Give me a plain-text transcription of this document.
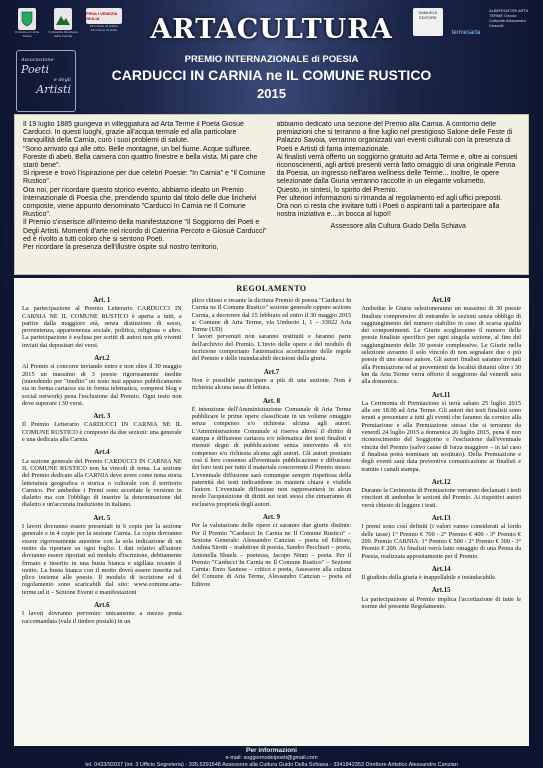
Comune di Arta Terme
Comunità Montana della Carnia
FRIULI VENEZIA GIULIA
Provincia di Udine Provincie di Udin
SAMUELE EDITORE
termesarta
ALBERGATORI ARTA TERME Circolo Culturale Alessandro Cescutti
ARTACULTURA
PREMIO INTERNAZIONALE di POESIA
CARDUCCI IN CARNIA ne IL COMUNE RUSTICO
2015
Associazione
Poeti
e degli
Artisti

Il 19 luglio 1885 giungeva in villeggiatura ad Arta Terme il Poeta Giosuè Carducci. In questi luoghi, grazie all'acqua termale ed alla particolare tranquillità della Carnia, curò i suoi problemi di salute.

"Sono arrivato qui alle otto. Belle montagne, un bel fiume. Acque sulfuree. Foreste di abeti. Bella camera con quattro finestre e bella vista. Mi pare che starò bene".

Si riprese e trovò l'ispirazione per due celebri Poesie: "In Carnia" e "Il Comune Rustico".

Ora noi, per ricordare questo storico evento, abbiamo ideato un Premio Internazionale di Poesia che, prendendo spunto dal titolo delle due liricheivi composte, viene appunto denominato "Carducci In Carnia ne Il Comune Rustico".

Il Premio s'inserisce all'interno della manifestazione "Il Soggiorno dei Poeti e Degli Artisti. Momenti d'arte nel ricordo di Caterina Percoto e Giosuè Carducci" ed è rivolto a tutti coloro che si sentono Poeti.

Per ricordare la presenza dell'illustre ospite sul nostro territorio,

abbiamo dedicato una sezione del Premio alla Carnia. A contorno delle premiazioni che si terranno a fine luglio nel prestigioso Salone delle Feste di Palazzo Savoia, verranno organizzati vari eventi culturali con la presenza di Poeti e Artisti di fama internazionale.

Ai finalisti verrà offerto un soggiorno gratuito ad Arta Terme e, oltre ai consueti riconoscimenti, agli artisti presenti verrà fatto omaggio di una originale Penna da Poesia, un ingresso nell'area wellness delle Terme... Inoltre, le opere selezionate dalla Giuria verranno raccolte in un elegante volumetto.

Questo, in sintesi, lo spirito del Premio.

Per ulteriori informazioni si rimanda al regolamento ed agli uffici preposti.

Ora non ci resta che invitare tutti i Poeti o aspiranti tali a partecipare alla nostra iniziativa e....in bocca al lupo!!

Assessore alla Cultura Guido Della Schiava

REGOLAMENTO
Art. 1

La partecipazione al Premio Letterario CARDUCCI IN CARNIA NE IL COMUNE RUSTICO è aperta a tutti, a partire dalla maggiore età, senza distinzione di sesso, provenienza, appartenenza sociale, politica, religiosa o altro. La partecipazione è esclusa per scritti di autori non più viventi inviati dai depositari dei versi.

Art.2

Al Premio si concorre inviando entro e non oltre il 30 maggio 2015 un massimo di 3 poesie rigorosamente inedite (intendendo per "inedito" un testo mai apparso pubblicamente sia in forma cartacea sia in forma telematica, compresi blog e social network) pena l'esclusione dal Premio. Ogni testo non deve superare i 30 versi.

Art. 3

Il Premio Letterario CARDUCCI IN CARNIA NE IL COMUNE RUSTICO è composto da due sezioni: una generale e una dedicata alla Carnia.

Art.4

La sezione generale del Premio CARDUCCI IN CARNIA NE IL COMUNE RUSTICO non ha vincoli di tema. La sezione del Premio dedicato alla CARNIA deve avere come tema storia letteratura geografica o storica o culturale con il territorio Carnico. Per ambedue i Premi sono accettate le versioni in dialetto ma con l'obbligo di inserire la denominazione del dialetto e un'accurata traduzione in italiano.

Art. 5

I lavori dovranno essere presentati in 6 copie per la sezione generale e in 4 copie per la sezione Carnia. Le copie dovranno essere rigorosamente anonime con la sola indicazione di un motto da riportare su ogni foglio. I dati relativi all'autore dovranno essere riportati sul modulo d'iscrizione, debitamente firmato e inserito in una busta bianca e sigillata recante il motto. La busta bianca con il motto dovrà essere inserita nel plico insieme alle poesie. Il modulo di iscrizione ed il regolamento sono scaricabili dal sito: www.comune.arta-terme.ud.it – Sezione Eventi e manifestazioni

Art.6

I lavori dovranno pervenire unicamente a mezzo posta raccomandata (vale il timbro postale) in un

plico chiuso e recante la dicitura Premio di poesia "Carducci In Carnia ne Il Comune Rustico" sezione generale oppure sezione Carnia, a decorrere dal 15 febbraio ed entro il 30 maggio 2015 a: Comune di Arta Terme, via Umberto I, 1 – 33022 Arta Terme (UD)

I lavori pervenuti non saranno restituiti e faranno parte dell'archivio del Premio. L'invio delle opere e del modulo di iscrizione comportano l'automatica accettazione delle regole del Premio e delle insindacabili decisioni della giuria.

Art.7

Non è possibile partecipare a più di una sezione. Non è richiesta alcuna tassa di lettura.

Art. 8

È intenzione dell'Amministrazione Comunale di Arta Terme pubblicare le prime opere classificate in un volume omaggio senza compenso e/o richiesta alcuna agli autori. L'Amministrazione Comunale si riserva altresì il diritto di stampa e diffusione cartacea e/o telematica dei testi finalisti e ritenuti degni di pubblicazione senza intervento di e/o compenso e/o richiesta alcuna agli autori. Gli autori prestano così il loro consenso all'eventuale pubblicazione e diffusione dei loro testi per tutto il materiale concorrente il Premio stesso. L'eventuale diffusione sarà comunque sempre rispettosa della paternità dei testi indicandone in maniera chiara e visibile l'autore. L'eventuale diffusione non rappresenterà in alcun modo l'acquisizione di diritti sui testi stessi che rimarranno di esclusiva proprietà degli autori.

Art. 9

Per la valutazione delle opere ci saranno due giurie distinte: Per il Premio "Carducci In Carnia ne Il Comune Rustico" – Sezione Generale: Alessandro Canzian – poeta ed Editore, Andrea Sirotti – traduttore di poesia, Sandro Pecchiari – poeta, Antonella Sbuelz – poetessa, Jacopo Ninni – poeta. Per il Premio "Carducci In Carnia ne Il Comune Rustico" – Sezione Carnia: Enzo Sautese – critico e poeta, Assessore alla cultura del Comune di Arta Terme, Alessandro Canzian – poeta ed Editore

Art.10

Ambedue le Giurie selezioneranno un massimo di 30 poesie finaliste comprensive di entrambe le sezioni senza obbligo di raggiungimento del numero stabilito in caso di scarsa qualità dei componimenti. Le Giurie sceglieranno il numero delle poesie finaliste specifico per ogni singola sezione, al fine del raggiungimento delle 30 poesie complessive. Le Giurie nella selezione avranno il solo vincolo di non segnalare due o più poesie di uno stesso autore. Gli autori finalisti saranno invitati alla Premiazione ed ai provenienti da località distanti oltre i 30 km da Arta Terme verrà offerto il soggiorno dal venerdì sera alla domenica.

Art.11

La Cerimonia di Premiazione si terrà sabato 25 luglio 2015 alle ore 18.00 ad Arta Terme. Gli autori dei testi finalisti sono tenuti a presentare a tutti gli eventi che faranno da cornice alla Premiazione e alla Premiazione stessa che si terranno da venerdì 24 luglio 2015 a domenica 26 luglio 2015, pena il non riconoscimento del Soggiorno e l'esclusione dall'eventuale vincita del Premio (salvo cause di forza maggiore – in tal caso il finalista potrà nominare un sostituto). Della Premiazione e degli eventi sarà data preventiva comunicazione ai finalisti e tramite i canali stampa.

Art.12

Durante la Cerimonia di Premiazione verranno declamati i testi vincitori di ambedue le sezioni del Premio. Ai rispettivi autori verrà chiesto di leggere i testi.

Art.13

I premi sono così definiti (i valori vanno considerati al lordo delle tasse) 1° Premio € 700 - 2° Premio € 400 - 3° Premio € 200. Premio CARNIA: 1° Premio € 500 - 2° Premio € 300 - 3° Premio € 200. Ai finalisti verrà fatto omaggio di una Penna da Poesia, realizzata appositamente per il Premio

Art.14

Il giudizio della giuria è inappellabile e insindacabile.

Art.15

La partecipazione al Premio implica l'accettazione di tutte le norme del presente Regolamento.

Per informazioni
e-mail: soggiornodeipoeti@gmail.com
tel. 0433/92037 (int. 3 Ufficio Segreteria) - 335.5391548 Assessore alla Cultura Guido Della Schiava - 3341842353 Direttore Artistico Alessandro Canzian
